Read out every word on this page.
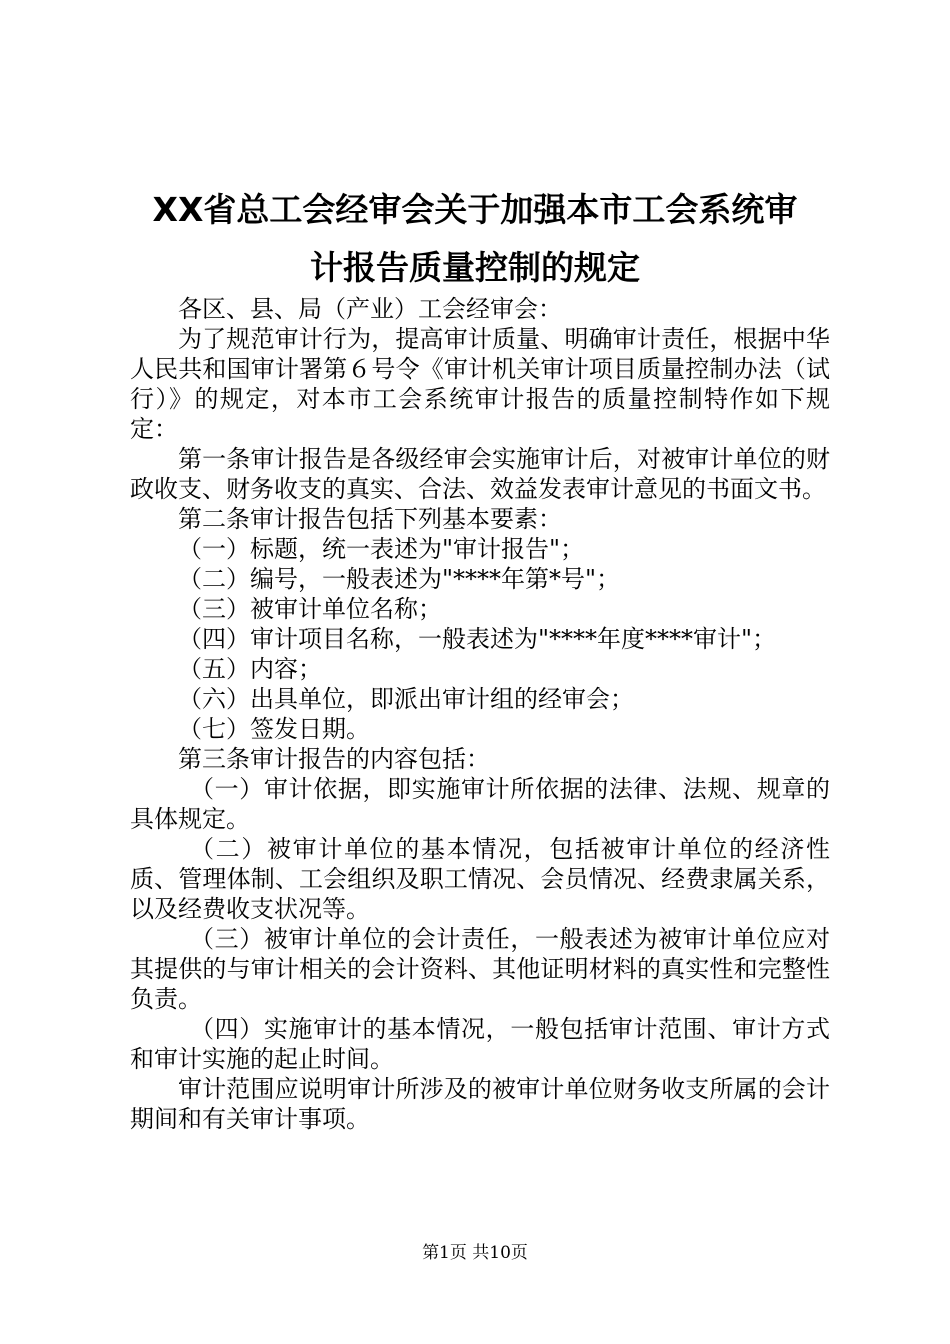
XX省总工会经审会关于加强本市工会系统审
计报告质量控制的规定

各区、县、局（产业）工会经审会：

为了规范审计行为，提高审计质量、明确审计责任，根据中华人民共和国审计署第６号令《审计机关审计项目质量控制办法（试行）》的规定，对本市工会系统审计报告的质量控制特作如下规定：

第一条审计报告是各级经审会实施审计后，对被审计单位的财政收支、财务收支的真实、合法、效益发表审计意见的书面文书。

第二条审计报告包括下列基本要素：

（一）标题，统一表述为"审计报告"；

（二）编号，一般表述为"****年第*号"；

（三）被审计单位名称；

（四）审计项目名称，一般表述为"****年度****审计"；

（五）内容；

（六）出具单位，即派出审计组的经审会；

（七）签发日期。

第三条审计报告的内容包括：

（一）审计依据，即实施审计所依据的法律、法规、规章的具体规定。

（二）被审计单位的基本情况，包括被审计单位的经济性质、管理体制、工会组织及职工情况、会员情况、经费隶属关系，以及经费收支状况等。

（三）被审计单位的会计责任，一般表述为被审计单位应对其提供的与审计相关的会计资料、其他证明材料的真实性和完整性负责。

（四）实施审计的基本情况，一般包括审计范围、审计方式和审计实施的起止时间。

审计范围应说明审计所涉及的被审计单位财务收支所属的会计期间和有关审计事项。

第1页 共10页
